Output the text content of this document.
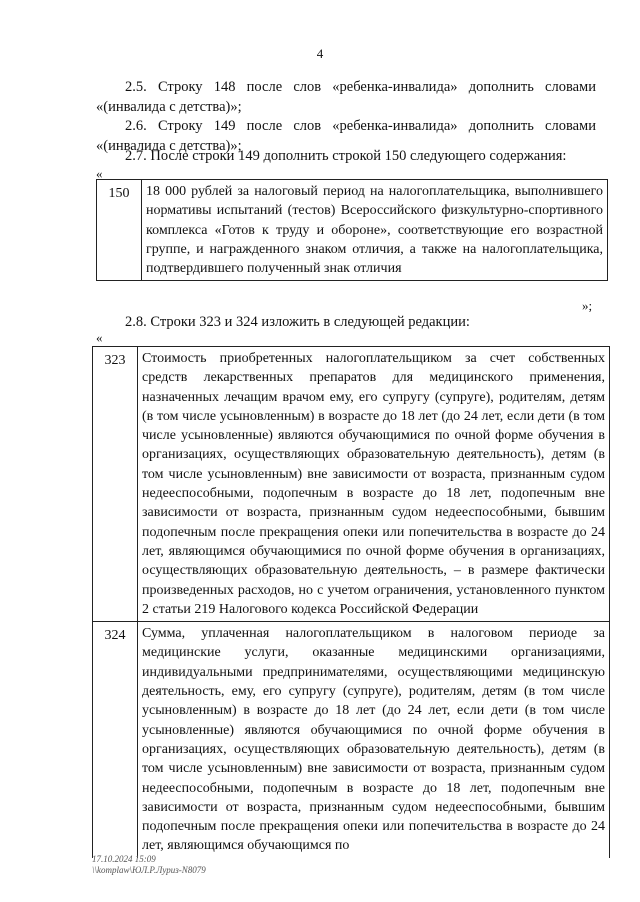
4
2.5. Строку 148 после слов «ребенка-инвалида» дополнить словами «(инвалида с детства)»;
2.6. Строку 149 после слов «ребенка-инвалида» дополнить словами «(инвалида с детства)»;
2.7. После строки 149 дополнить строкой 150 следующего содержания:
«
150	18 000 рублей за налоговый период на налогоплательщика, выполнившего нормативы испытаний (тестов) Всероссийского физкультурно-спортивного комплекса «Готов к труду и обороне», соответствующие его возрастной группе, и награжденного знаком отличия, а также на налогоплательщика, подтвердившего полученный знак отличия
»;
2.8. Строки 323 и 324 изложить в следующей редакции:
«
323	Стоимость приобретенных налогоплательщиком за счет собственных средств лекарственных препаратов для медицинского применения, назначенных лечащим врачом ему, его супругу (супруге), родителям, детям (в том числе усыновленным) в возрасте до 18 лет (до 24 лет, если дети (в том числе усыновленные) являются обучающимися по очной форме обучения в организациях, осуществляющих образовательную деятельность), детям (в том числе усыновленным) вне зависимости от возраста, признанным судом недееспособными, подопечным в возрасте до 18 лет, подопечным вне зависимости от возраста, признанным судом недееспособными, бывшим подопечным после прекращения опеки или попечительства в возрасте до 24 лет, являющимся обучающимися по очной форме обучения в организациях, осуществляющих образовательную деятельность, – в размере фактически произведенных расходов, но с учетом ограничения, установленного пунктом 2 статьи 219 Налогового кодекса Российской Федерации
324	Сумма, уплаченная налогоплательщиком в налоговом периоде за медицинские услуги, оказанные медицинскими организациями, индивидуальными предпринимателями, осуществляющими медицинскую деятельность, ему, его супругу (супруге), родителям, детям (в том числе усыновленным) в возрасте до 18 лет (до 24 лет, если дети (в том числе усыновленные) являются обучающимися по очной форме обучения в организациях, осуществляющих образовательную деятельность), детям (в том числе усыновленным) вне зависимости от возраста, признанным судом недееспособными, подопечным в возрасте до 18 лет, подопечным вне зависимости от возраста, признанным судом недееспособными, бывшим подопечным после прекращения опеки или попечительства в возрасте до 24 лет, являющимся обучающимся по
17.10.2024 15:09
\\komplaw\ЮЛ.Р.Луриз-N8079
